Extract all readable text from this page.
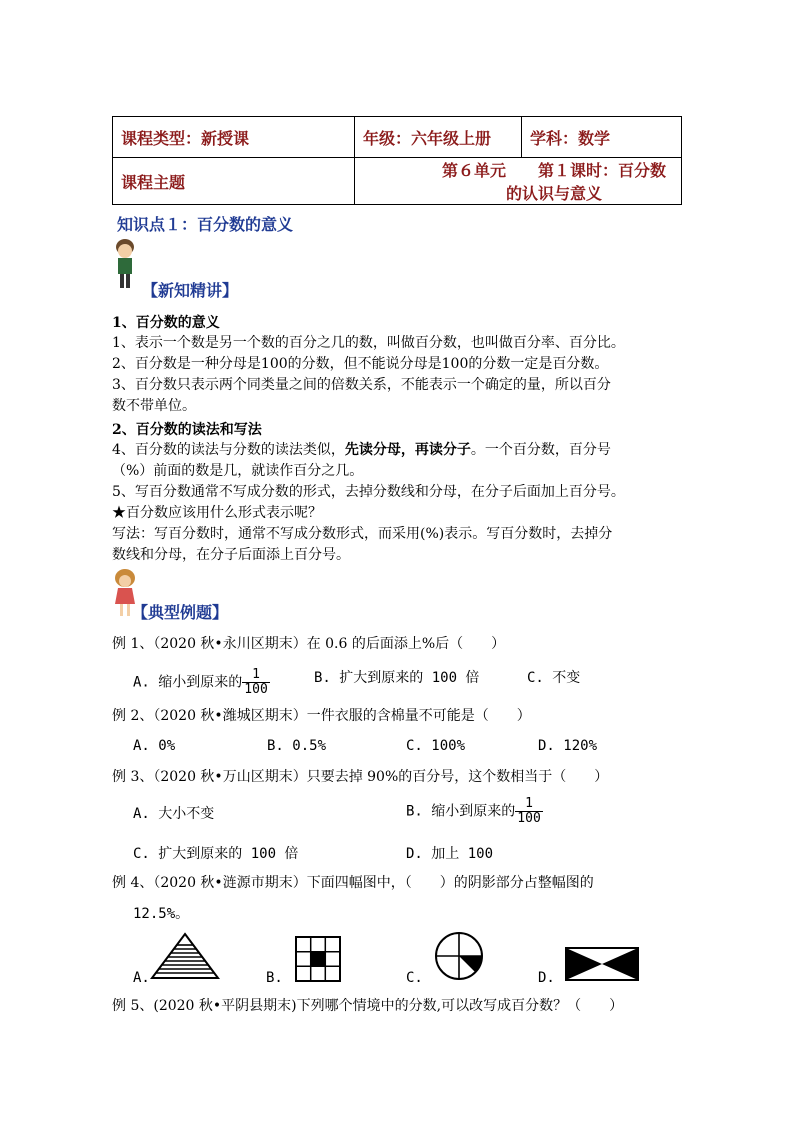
课程类型：新授课	年级：六年级上册	学科：数学
课程主题	第６单元　　第１课时：百分数的认识与意义	
知识点１：百分数的意义
【新知精讲】
1、百分数的意义
1、表示一个数是另一个数的百分之几的数，叫做百分数，也叫做百分率、百分比。
2、百分数是一种分母是100的分数，但不能说分母是100的分数一定是百分数。
3、百分数只表示两个同类量之间的倍数关系，不能表示一个确定的量，所以百分
数不带单位。
2、百分数的读法和写法
4、百分数的读法与分数的读法类似，先读分母，再读分子。一个百分数，百分号
（%）前面的数是几，就读作百分之几。
5、写百分数通常不写成分数的形式，去掉分数线和分母，在分子后面加上百分号。
★百分数应该用什么形式表示呢？
写法：写百分数时，通常不写成分数形式，而采用(%)表示。写百分数时，去掉分
数线和分母，在分子后面添上百分号。
【典型例题】
例 1、（2020 秋•永川区期末）在 0.6 的后面添上%后（　　）
A. 缩小到原来的 $\frac{1}{100}$	B. 扩大到原来的 100 倍	C. 不变
例 2、（2020 秋•潍城区期末）一件衣服的含棉量不可能是（　　）
A. 0%	B. 0.5%	C. 100%	D. 120%
例 3、（2020 秋•万山区期末）只要去掉 90%的百分号，这个数相当于（　　）
A. 大小不变	B. 缩小到原来的 $\frac{1}{100}$
C. 扩大到原来的 100 倍	D. 加上 100
例 4、（2020 秋•涟源市期末）下面四幅图中，（　　）的阴影部分占整幅图的
12.5%。
A.	B.	C.	D.
例 5、(2020 秋•平阴县期末)下列哪个情境中的分数,可以改写成百分数？（　　）
